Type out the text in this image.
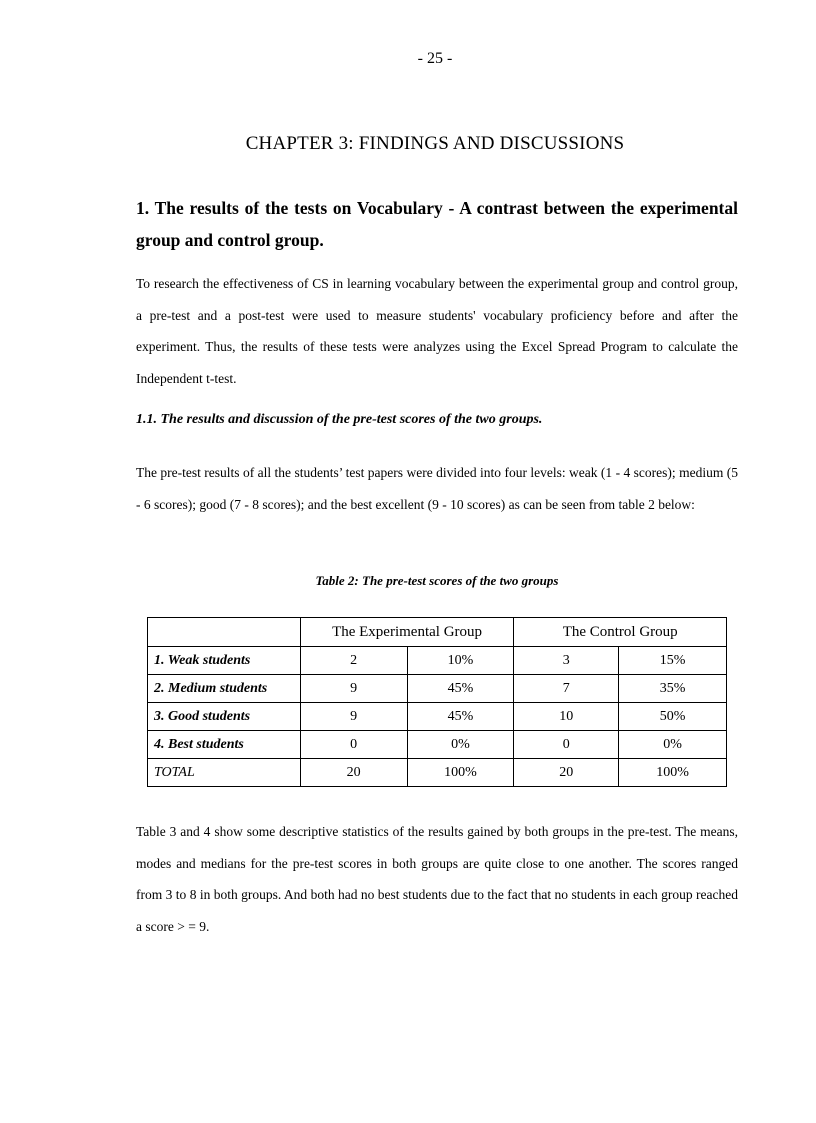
- 25 -
CHAPTER 3: FINDINGS AND DISCUSSIONS
1. The results of the tests on Vocabulary - A contrast between the experimental group and control group.

To research the effectiveness of CS in learning vocabulary between the experimental group and control group, a pre-test and a post-test were used to measure students' vocabulary proficiency before and after the experiment. Thus, the results of these tests were analyzes using the Excel Spread Program to calculate the Independent t-test.

1.1. The results and discussion of the pre-test scores of the two groups.

The pre-test results of all the students’ test papers were divided into four levels: weak (1 - 4 scores); medium (5 - 6 scores); good (7 - 8 scores); and the best excellent (9 - 10 scores) as can be seen from table 2 below:

Table 2: The pre-test scores of the two groups
	The Experimental Group		The Control Group	
1. Weak students	2	10%	3	15%
2. Medium students	9	45%	7	35%
3. Good students	9	45%	10	50%
4. Best students	0	0%	0	0%
TOTAL	20	100%	20	100%

Table 3 and 4 show some descriptive statistics of the results gained by both groups in the pre-test. The means, modes and medians for the pre-test scores in both groups are quite close to one another. The scores ranged from 3 to 8 in both groups. And both had no best students due to the fact that no students in each group reached a score > = 9.
